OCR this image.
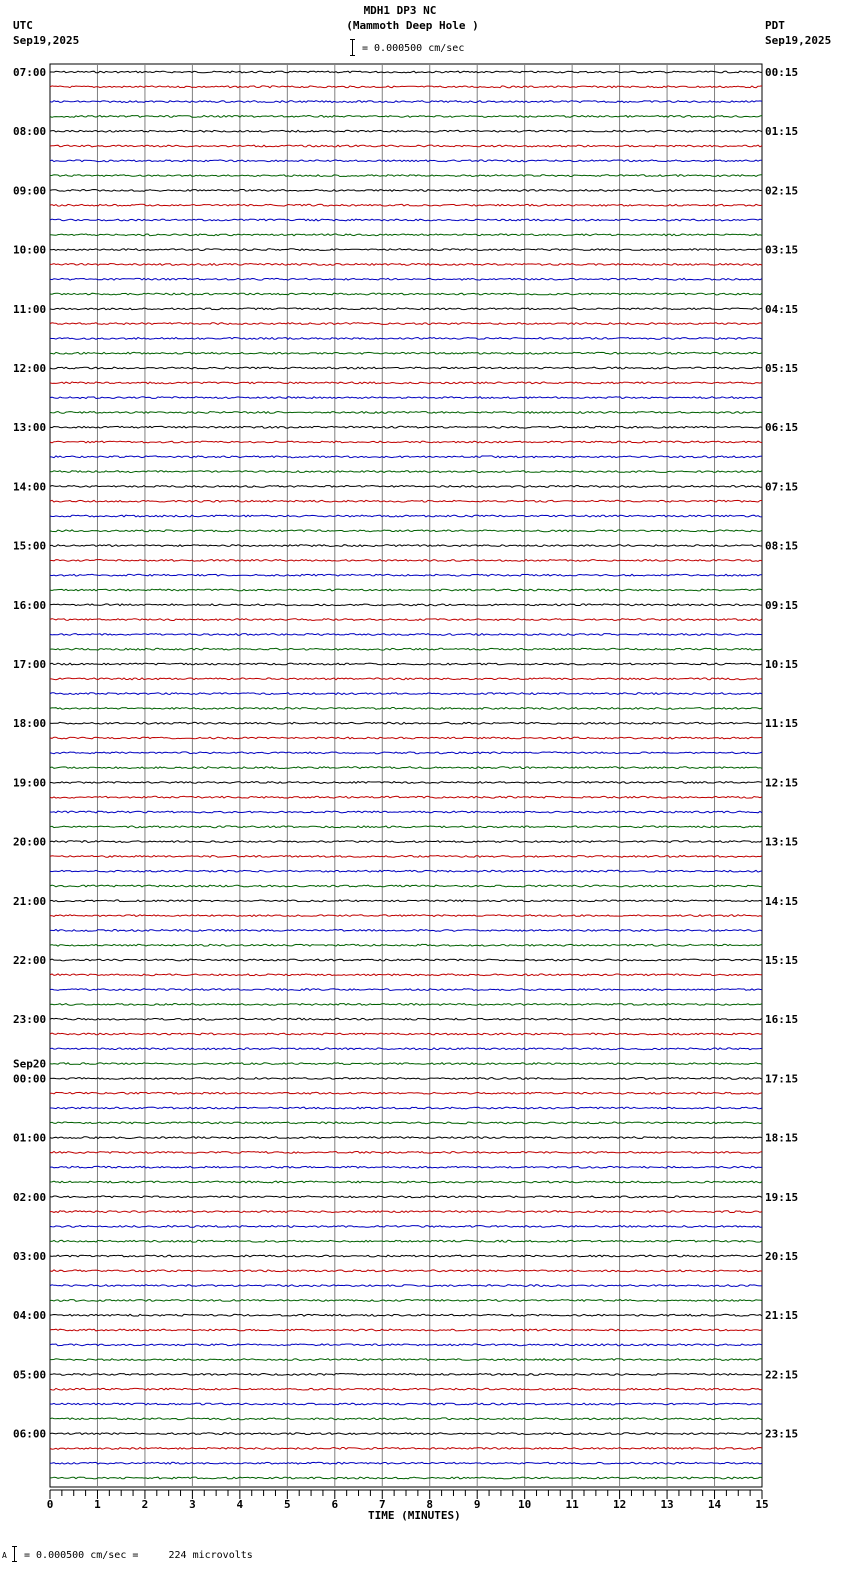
MDH1 DP3 NC
(Mammoth Deep Hole )
UTC
Sep19,2025
PDT
Sep19,2025
= 0.000500 cm/sec
07:00
08:00
09:00
10:00
11:00
12:00
13:00
14:00
15:00
16:00
17:00
18:00
19:00
20:00
21:00
22:00
23:00
00:00
01:00
02:00
03:00
04:00
05:00
06:00
00:15
01:15
02:15
03:15
04:15
05:15
06:15
07:15
08:15
09:15
10:15
11:15
12:15
13:15
14:15
15:15
16:15
17:15
18:15
19:15
20:15
21:15
22:15
23:15
Sep20
0	1	2	3	4	5	6	7	8	9	10	11	12	13	14	15
TIME (MINUTES)
A = 0.000500 cm/sec =     224 microvolts
